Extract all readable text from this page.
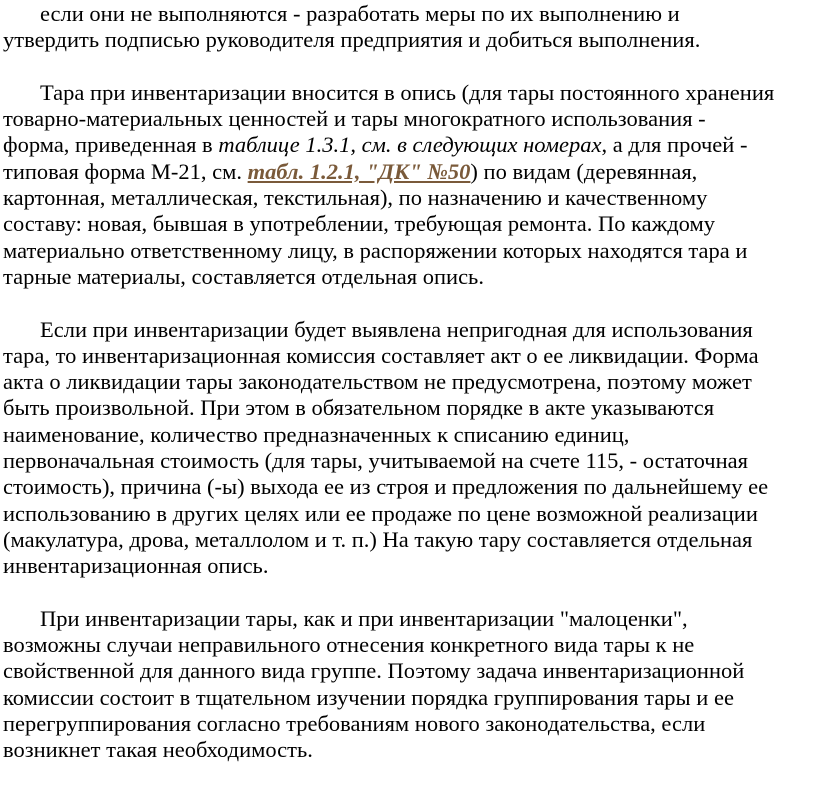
если они не выполняются - разработать меры по их выполнению и
утвердить подписью руководителя предприятия и добиться выполнения.
Тара при инвентаризации вносится в опись (для тары постоянного хранения
товарно-материальных ценностей и тары многократного использования -
форма, приведенная в таблице 1.3.1, см. в следующих номерах, а для прочей -
типовая форма М-21, см. табл. 1.2.1, "ДК" №50) по видам (деревянная,
картонная, металлическая, текстильная), по назначению и качественному
составу: новая, бывшая в употреблении, требующая ремонта. По каждому
материально ответственному лицу, в распоряжении которых находятся тара и
тарные материалы, составляется отдельная опись.
Если при инвентаризации будет выявлена непригодная для использования
тара, то инвентаризационная комиссия составляет акт о ее ликвидации. Форма
акта о ликвидации тары законодательством не предусмотрена, поэтому может
быть произвольной. При этом в обязательном порядке в акте указываются
наименование, количество предназначенных к списанию единиц,
первоначальная стоимость (для тары, учитываемой на счете 115, - остаточная
стоимость), причина (-ы) выхода ее из строя и предложения по дальнейшему ее
использованию в других целях или ее продаже по цене возможной реализации
(макулатура, дрова, металлолом и т. п.) На такую тару составляется отдельная
инвентаризационная опись.
При инвентаризации тары, как и при инвентаризации "малоценки",
возможны случаи неправильного отнесения конкретного вида тары к не
свойственной для данного вида группе. Поэтому задача инвентаризационной
комиссии состоит в тщательном изучении порядка группирования тары и ее
перегруппирования согласно требованиям нового законодательства, если
возникнет такая необходимость.
